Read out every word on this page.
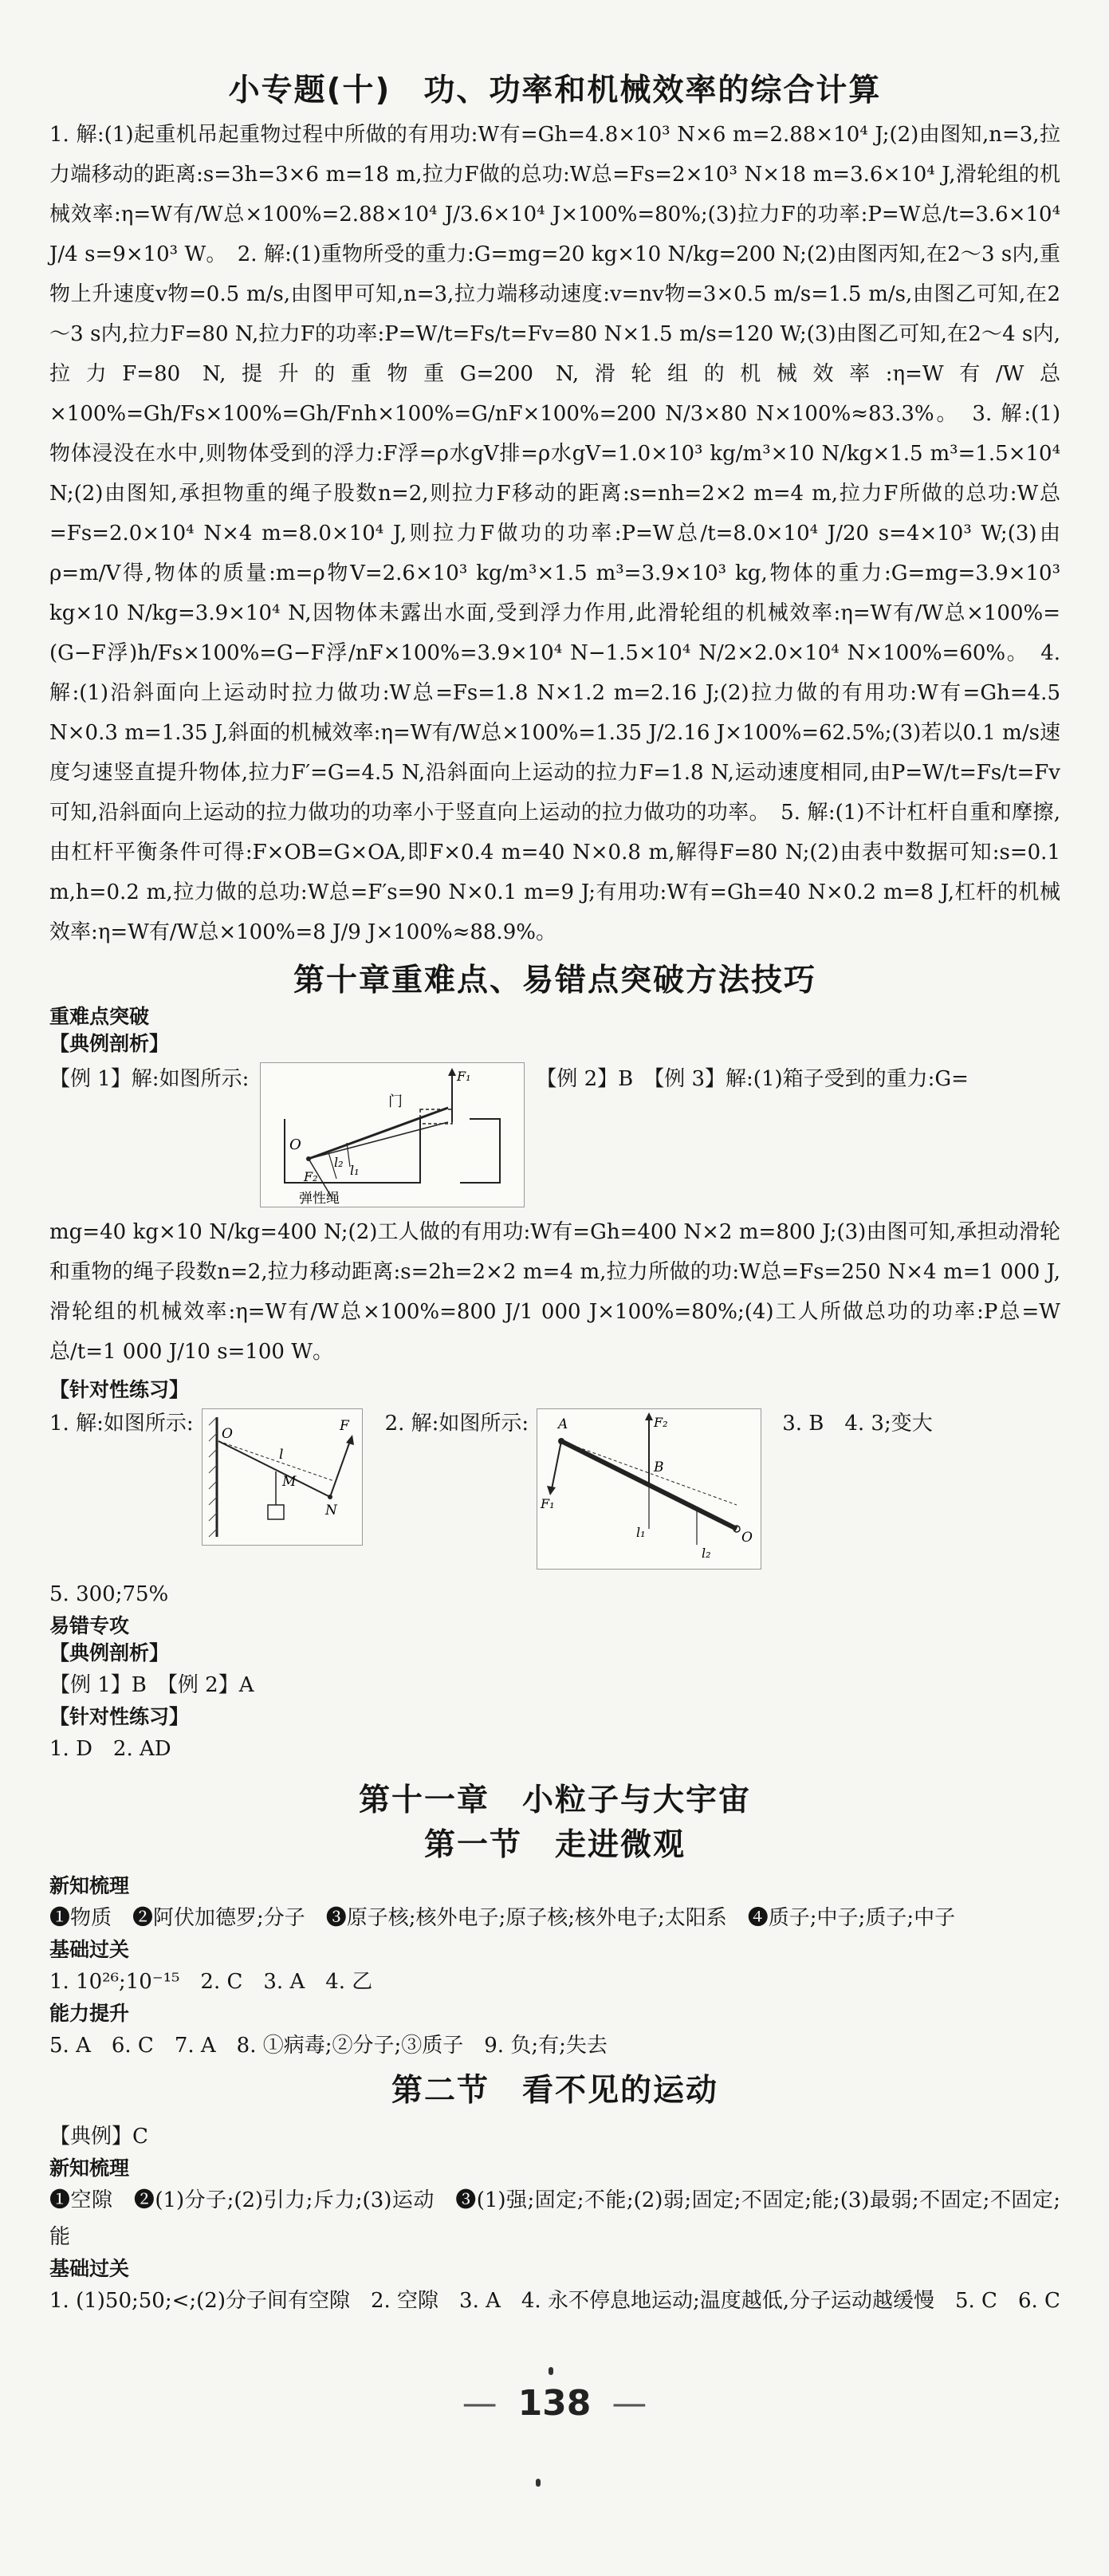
小专题(十)　功、功率和机械效率的综合计算

1. 解:(1)起重机吊起重物过程中所做的有用功:W有=Gh=4.8×10³ N×6 m=2.88×10⁴ J;(2)由图知,n=3,拉力端移动的距离:s=3h=3×6 m=18 m,拉力F做的总功:W总=Fs=2×10³ N×18 m=3.6×10⁴ J,滑轮组的机械效率:η=W有/W总×100%=2.88×10⁴ J/3.6×10⁴ J×100%=80%;(3)拉力F的功率:P=W总/t=3.6×10⁴ J/4 s=9×10³ W。　2. 解:(1)重物所受的重力:G=mg=20 kg×10 N/kg=200 N;(2)由图丙知,在2～3 s内,重物上升速度v物=0.5 m/s,由图甲可知,n=3,拉力端移动速度:v=nv物=3×0.5 m/s=1.5 m/s,由图乙可知,在2～3 s内,拉力F=80 N,拉力F的功率:P=W/t=Fs/t=Fv=80 N×1.5 m/s=120 W;(3)由图乙可知,在2～4 s内,拉力F=80 N,提升的重物重G=200 N,滑轮组的机械效率:η=W有/W总×100%=Gh/Fs×100%=Gh/Fnh×100%=G/nF×100%=200 N/3×80 N×100%≈83.3%。　3. 解:(1)物体浸没在水中,则物体受到的浮力:F浮=ρ水gV排=ρ水gV=1.0×10³ kg/m³×10 N/kg×1.5 m³=1.5×10⁴ N;(2)由图知,承担物重的绳子股数n=2,则拉力F移动的距离:s=nh=2×2 m=4 m,拉力F所做的总功:W总=Fs=2.0×10⁴ N×4 m=8.0×10⁴ J,则拉力F做功的功率:P=W总/t=8.0×10⁴ J/20 s=4×10³ W;(3)由ρ=m/V得,物体的质量:m=ρ物V=2.6×10³ kg/m³×1.5 m³=3.9×10³ kg,物体的重力:G=mg=3.9×10³ kg×10 N/kg=3.9×10⁴ N,因物体未露出水面,受到浮力作用,此滑轮组的机械效率:η=W有/W总×100%=(G−F浮)h/Fs×100%=G−F浮/nF×100%=3.9×10⁴ N−1.5×10⁴ N/2×2.0×10⁴ N×100%=60%。　4. 解:(1)沿斜面向上运动时拉力做功:W总=Fs=1.8 N×1.2 m=2.16 J;(2)拉力做的有用功:W有=Gh=4.5 N×0.3 m=1.35 J,斜面的机械效率:η=W有/W总×100%=1.35 J/2.16 J×100%=62.5%;(3)若以0.1 m/s速度匀速竖直提升物体,拉力F′=G=4.5 N,沿斜面向上运动的拉力F=1.8 N,运动速度相同,由P=W/t=Fs/t=Fv可知,沿斜面向上运动的拉力做功的功率小于竖直向上运动的拉力做功的功率。　5. 解:(1)不计杠杆自重和摩擦,由杠杆平衡条件可得:F×OB=G×OA,即F×0.4 m=40 N×0.8 m,解得F=80 N;(2)由表中数据可知:s=0.1 m,h=0.2 m,拉力做的总功:W总=F′s=90 N×0.1 m=9 J;有用功:W有=Gh=40 N×0.2 m=8 J,杠杆的机械效率:η=W有/W总×100%=8 J/9 J×100%≈88.9%。

第十章重难点、易错点突破方法技巧
重难点突破
【典例剖析】
【例 1】解:如图所示:
O
门
F₁
F₂	l₁
l₂
弹性绳
【例 2】B　【例 3】解:(1)箱子受到的重力:G=

mg=40 kg×10 N/kg=400 N;(2)工人做的有用功:W有=Gh=400 N×2 m=800 J;(3)由图可知,承担动滑轮和重物的绳子段数n=2,拉力移动距离:s=2h=2×2 m=4 m,拉力所做的功:W总=Fs=250 N×4 m=1 000 J,滑轮组的机械效率:η=W有/W总×100%=800 J/1 000 J×100%=80%;(4)工人所做总功的功率:P总=W总/t=1 000 J/10 s=100 W。

【针对性练习】
1. 解:如图所示: O
l
F
M
N
2. 解:如图所示: A
B
O
F₁
F₂
l₁
l₂
3. B　4. 3;变大

5. 300;75%

易错专攻
【典例剖析】
【例 1】B　【例 2】A
【针对性练习】
1. D　2. AD
第十一章　小粒子与大宇宙
第一节　走进微观
新知梳理

❶物质　❷阿伏加德罗;分子　❸原子核;核外电子;原子核;核外电子;太阳系　❹质子;中子;质子;中子

基础过关
1. 10²⁶;10⁻¹⁵　2. C　3. A　4. 乙
能力提升
5. A　6. C　7. A　8. ①病毒;②分子;③质子　9. 负;有;失去
第二节　看不见的运动
【典例】C
新知梳理

❶空隙　❷(1)分子;(2)引力;斥力;(3)运动　❸(1)强;固定;不能;(2)弱;固定;不固定;能;(3)最弱;不固定;不固定;能

基础过关

1. (1)50;50;<;(2)分子间有空隙　2. 空隙　3. A　4. 永不停息地运动;温度越低,分子运动越缓慢　5. C　6. C

— 138 —
